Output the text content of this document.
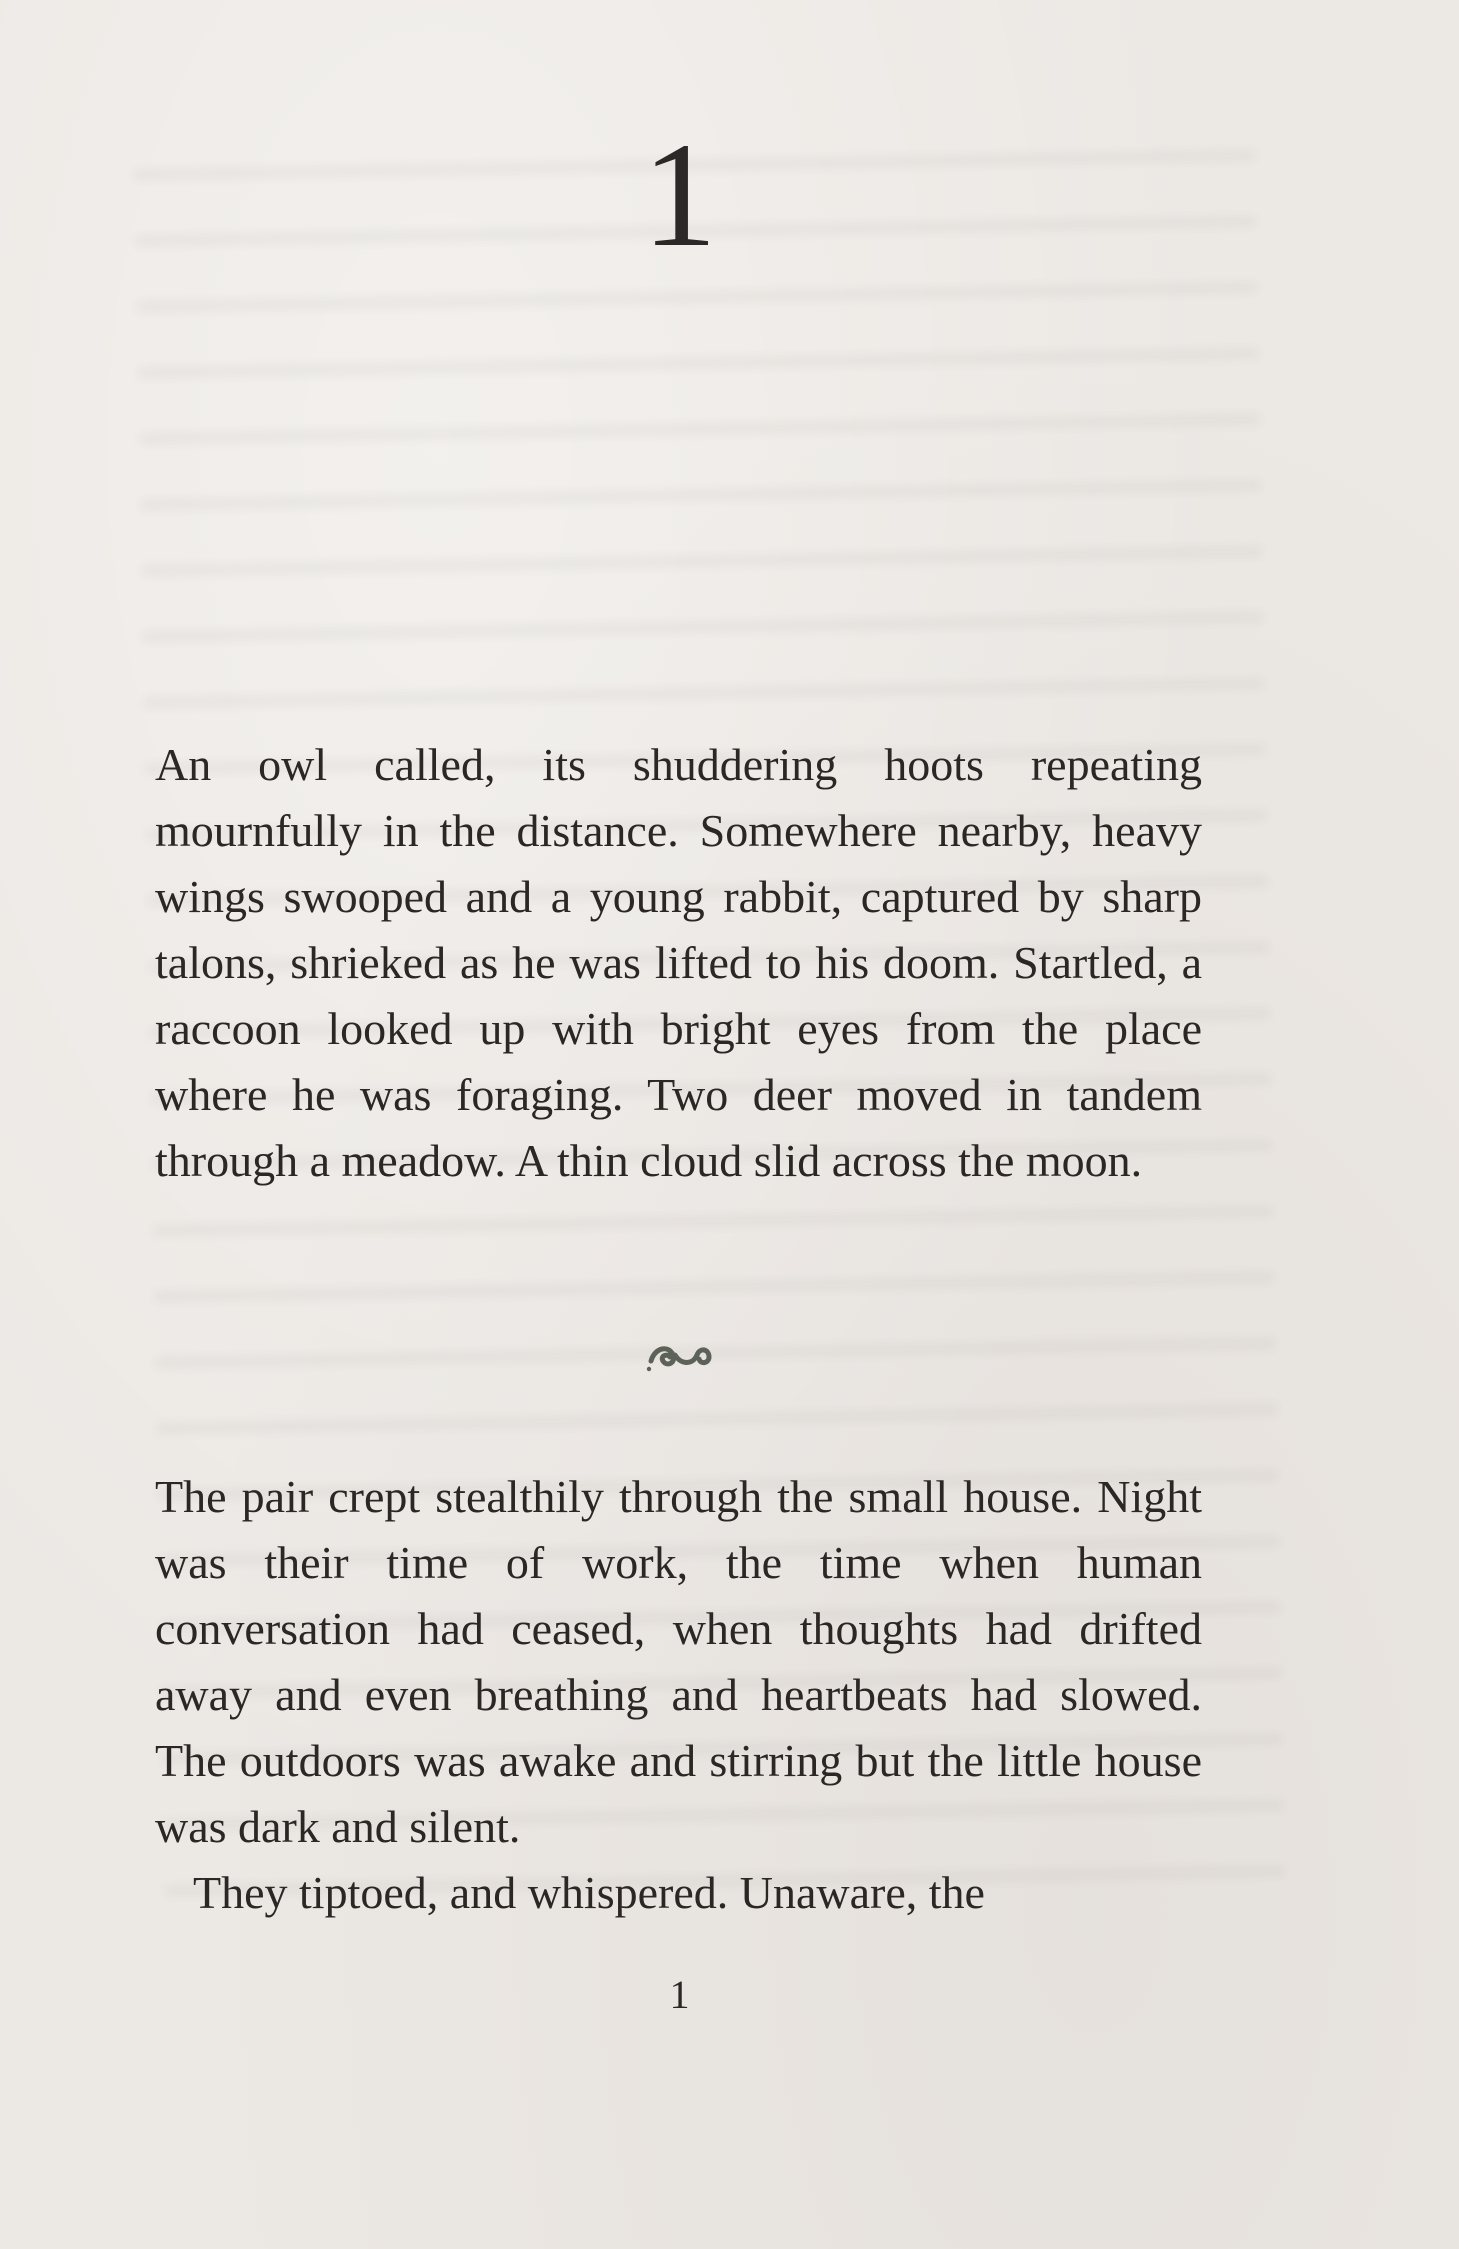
1

An owl called, its shuddering hoots repeating mournfully in the distance. Somewhere nearby, heavy wings swooped and a young rabbit, captured by sharp talons, shrieked as he was lifted to his doom. Startled, a raccoon looked up with bright eyes from the place where he was foraging. Two deer moved in tandem through a meadow. A thin cloud slid across the moon.

The pair crept stealthily through the small house. Night was their time of work, the time when human conversation had ceased, when thoughts had drifted away and even breathing and heartbeats had slowed. The outdoors was awake and stirring but the little house was dark and silent.

They tiptoed, and whispered. Unaware, the

1
